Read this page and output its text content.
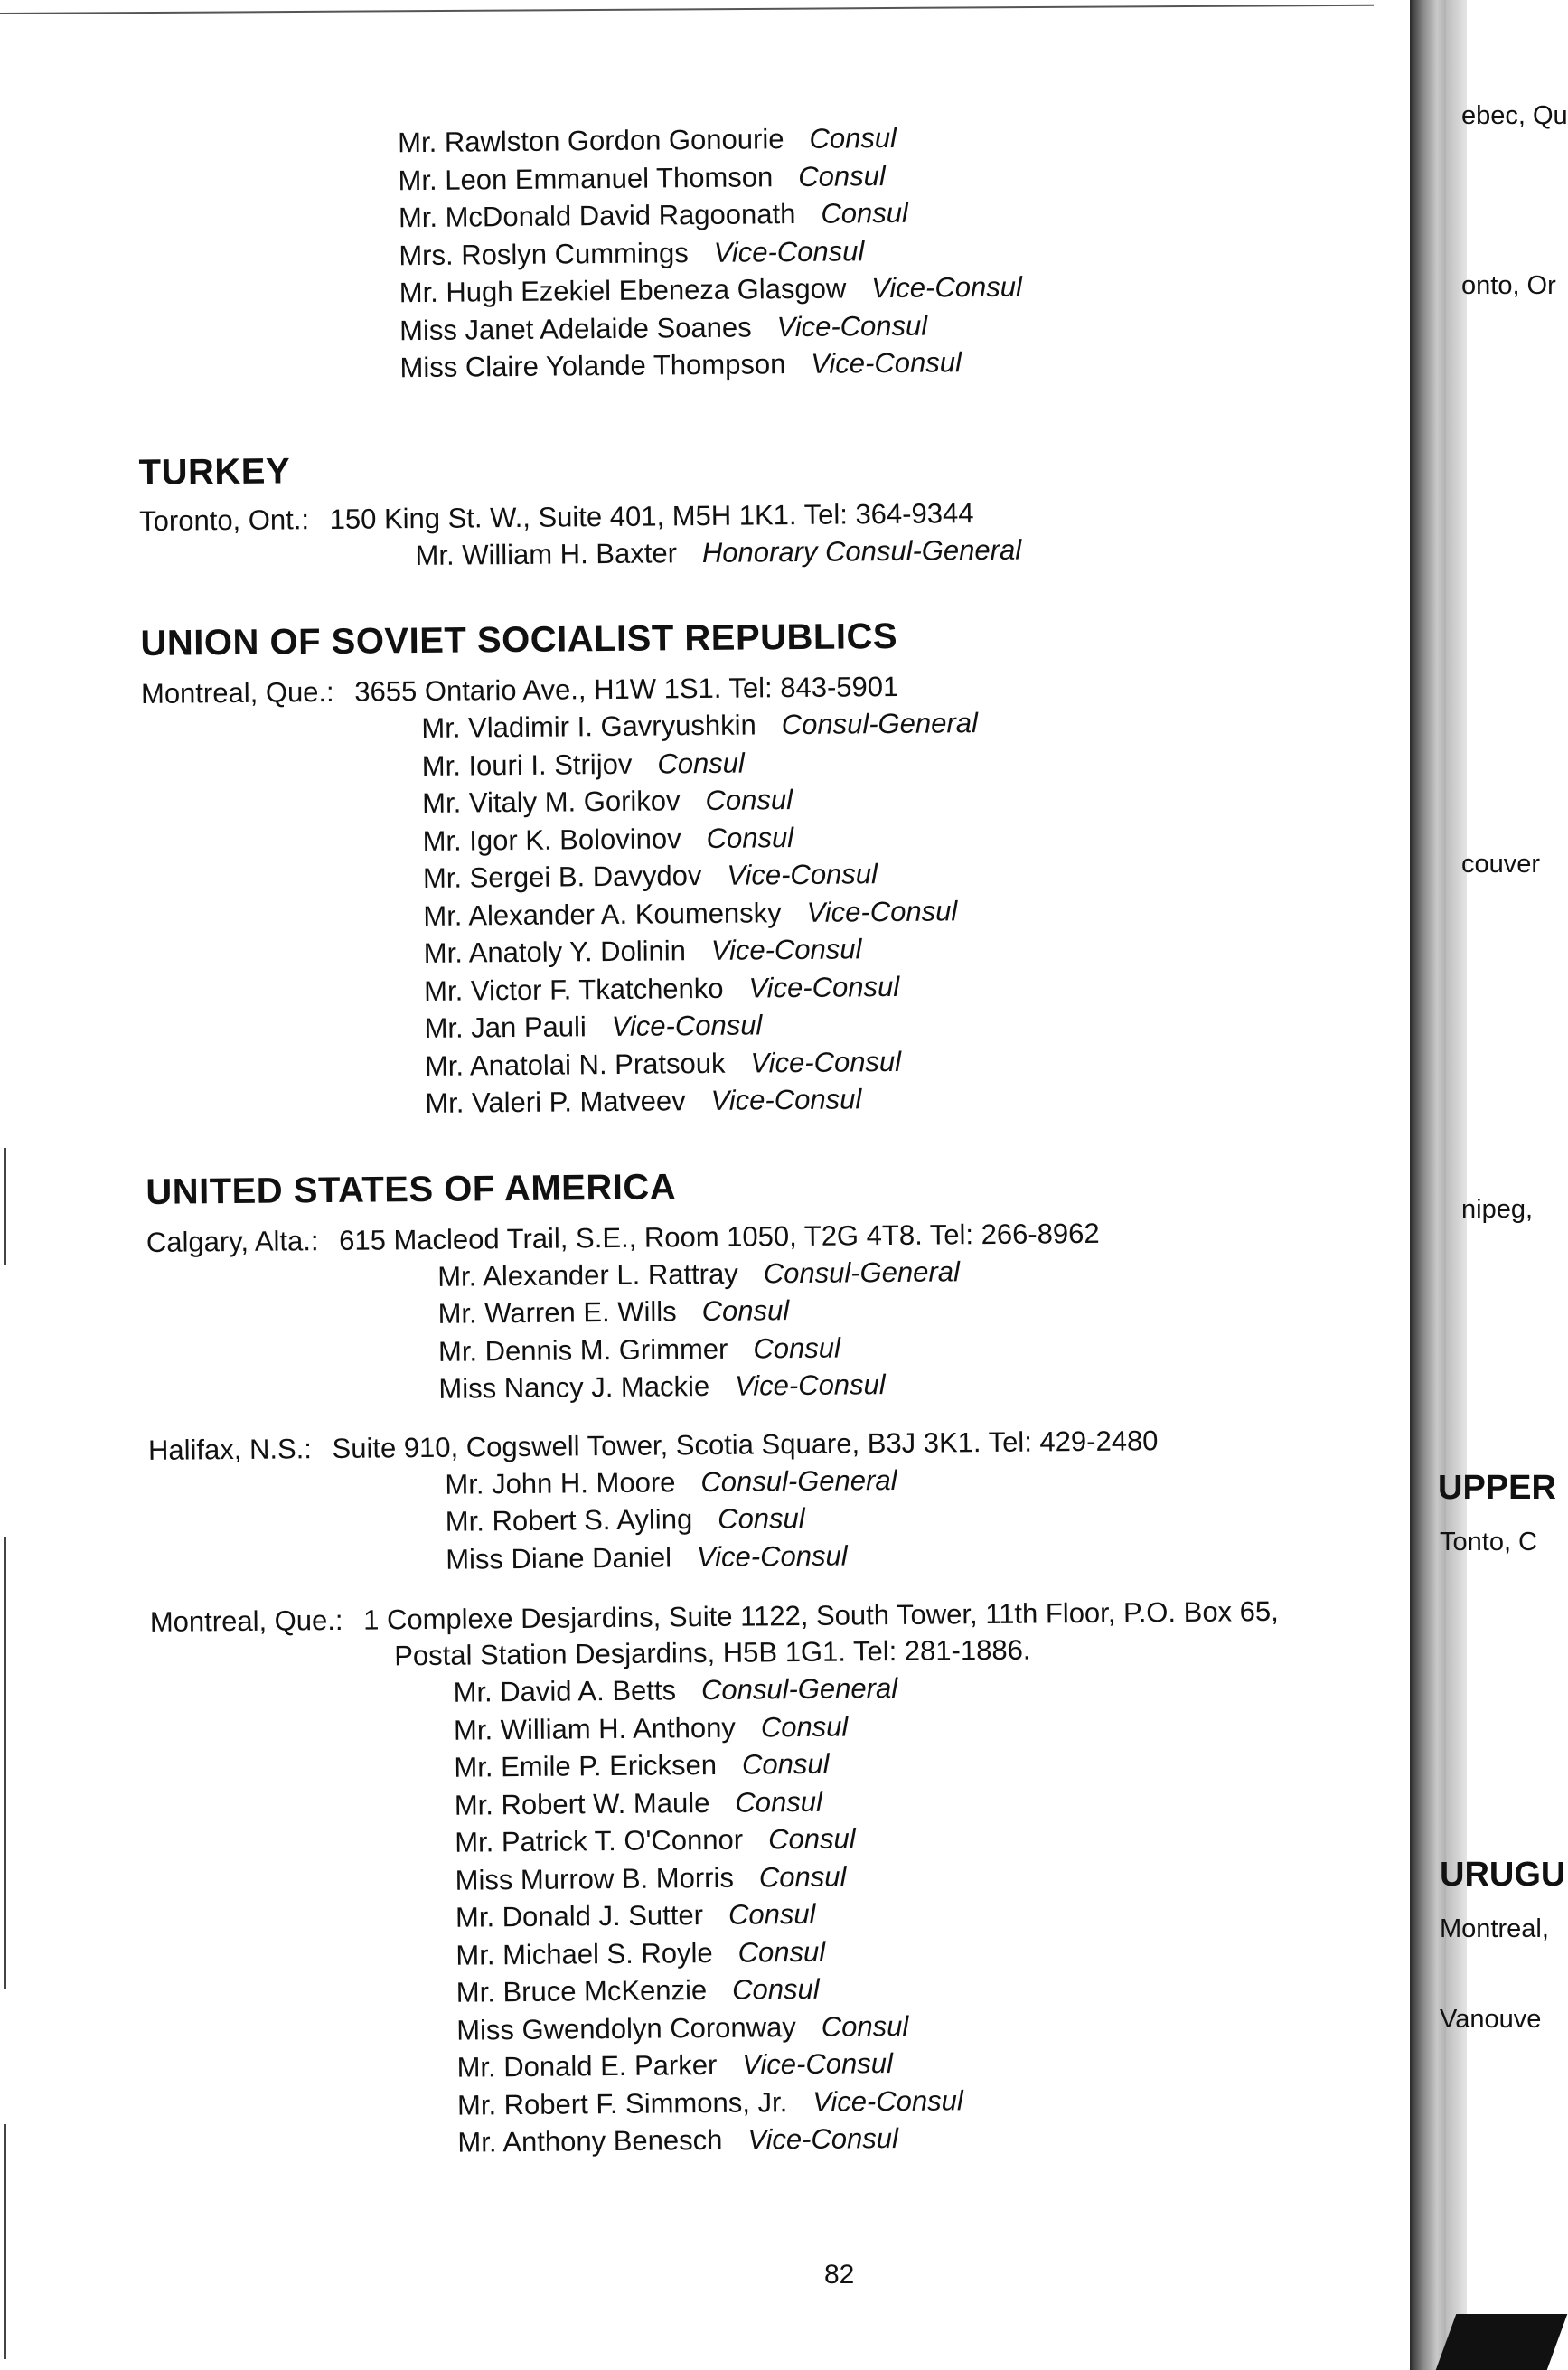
Mr. Rawlston Gordon Gonourie Consul
Mr. Leon Emmanuel Thomson Consul
Mr. McDonald David Ragoonath Consul
Mrs. Roslyn Cummings Vice-Consul
Mr. Hugh Ezekiel Ebeneza Glasgow Vice-Consul
Miss Janet Adelaide Soanes Vice-Consul
Miss Claire Yolande Thompson Vice-Consul
TURKEY
Toronto, Ont.: 150 King St. W., Suite 401, M5H 1K1. Tel: 364-9344
Mr. William H. Baxter Honorary Consul-General
UNION OF SOVIET SOCIALIST REPUBLICS
Montreal, Que.: 3655 Ontario Ave., H1W 1S1. Tel: 843-5901
Mr. Vladimir I. Gavryushkin Consul-General
Mr. Iouri I. Strijov Consul
Mr. Vitaly M. Gorikov Consul
Mr. Igor K. Bolovinov Consul
Mr. Sergei B. Davydov Vice-Consul
Mr. Alexander A. Koumensky Vice-Consul
Mr. Anatoly Y. Dolinin Vice-Consul
Mr. Victor F. Tkatchenko Vice-Consul
Mr. Jan Pauli Vice-Consul
Mr. Anatolai N. Pratsouk Vice-Consul
Mr. Valeri P. Matveev Vice-Consul
UNITED STATES OF AMERICA
Calgary, Alta.: 615 Macleod Trail, S.E., Room 1050, T2G 4T8. Tel: 266-8962
Mr. Alexander L. Rattray Consul-General
Mr. Warren E. Wills Consul
Mr. Dennis M. Grimmer Consul
Miss Nancy J. Mackie Vice-Consul
Halifax, N.S.: Suite 910, Cogswell Tower, Scotia Square, B3J 3K1. Tel: 429-2480
Mr. John H. Moore Consul-General
Mr. Robert S. Ayling Consul
Miss Diane Daniel Vice-Consul
Montreal, Que.: 1 Complexe Desjardins, Suite 1122, South Tower, 11th Floor, P.O. Box 65,
Postal Station Desjardins, H5B 1G1. Tel: 281-1886.
Mr. David A. Betts Consul-General
Mr. William H. Anthony Consul
Mr. Emile P. Ericksen Consul
Mr. Robert W. Maule Consul
Mr. Patrick T. O'Connor Consul
Miss Murrow B. Morris Consul
Mr. Donald J. Sutter Consul
Mr. Michael S. Royle Consul
Mr. Bruce McKenzie Consul
Miss Gwendolyn Coronway Consul
Mr. Donald E. Parker Vice-Consul
Mr. Robert F. Simmons, Jr. Vice-Consul
Mr. Anthony Benesch Vice-Consul
82
ebec, Qu
onto, Or
couver
nipeg,
UPPER
Tonto, C
URUGU
Montreal,
Vanouve
